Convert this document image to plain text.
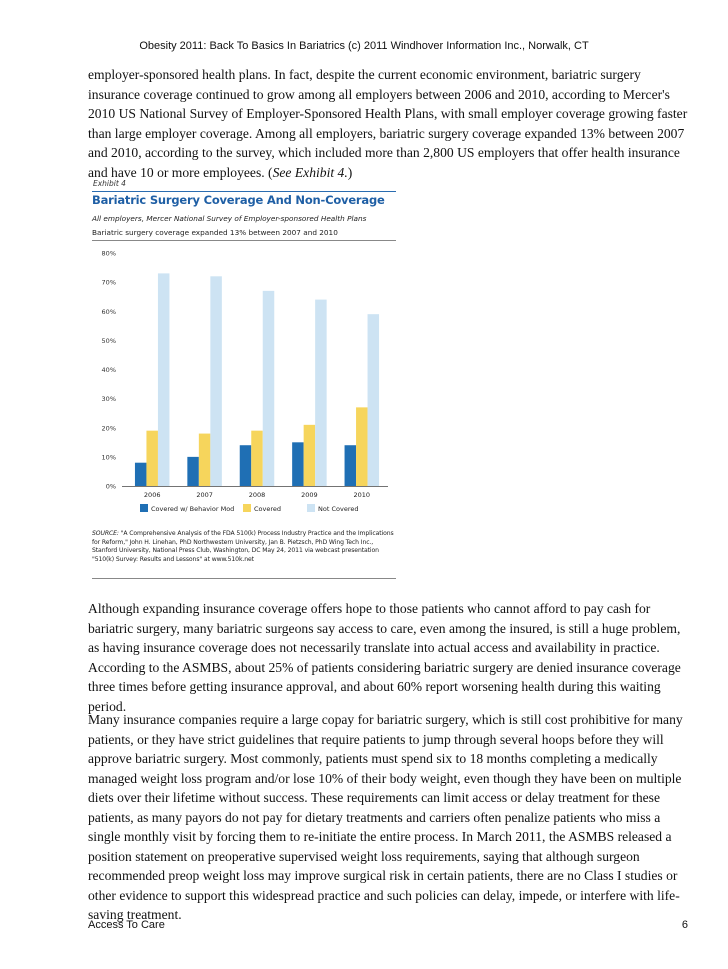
Obesity 2011: Back To Basics In Bariatrics (c) 2011 Windhover Information Inc., Norwalk, CT

employer-sponsored health plans. In fact, despite the current economic environment, bariatric surgery insurance coverage continued to grow among all employers between 2006 and 2010, according to Mercer's 2010 US National Survey of Employer-Sponsored Health Plans, with small employer coverage growing faster than large employer coverage. Among all employers, bariatric surgery coverage expanded 13% between 2007 and 2010, according to the survey, which included more than 2,800 US employers that offer health insurance and have 10 or more employees. (See Exhibit 4.)

Exhibit 4
Bariatric Surgery Coverage And Non-Coverage
All employers, Mercer National Survey of Employer-sponsored Health Plans
Bariatric surgery coverage expanded 13% between 2007 and 2010
0%
10%
20%
30%
40%
50%
60%
70%
80%
2006	2007	2008	2009	2010
Covered w/ Behavior Mod	Covered	Not Covered
SOURCE: "A Comprehensive Analysis of the FDA 510(k) Process Industry Practice and the Implications for Reform," John H. Linehan, PhD Northwestern University, Jan B. Pietzsch, PhD Wing Tech Inc., Stanford University, National Press Club, Washington, DC May 24, 2011 via webcast presentation "510(k) Survey: Results and Lessons" at www.510k.net

Although expanding insurance coverage offers hope to those patients who cannot afford to pay cash for bariatric surgery, many bariatric surgeons say access to care, even among the insured, is still a huge problem, as having insurance coverage does not necessarily translate into actual access and availability in practice. According to the ASMBS, about 25% of patients considering bariatric surgery are denied insurance coverage three times before getting insurance approval, and about 60% report worsening health during this waiting period.

Many insurance companies require a large copay for bariatric surgery, which is still cost prohibitive for many patients, or they have strict guidelines that require patients to jump through several hoops before they will approve bariatric surgery. Most commonly, patients must spend six to 18 months completing a medically managed weight loss program and/or lose 10% of their body weight, even though they have been on multiple diets over their lifetime without success. These requirements can limit access or delay treatment for these patients, as many payors do not pay for dietary treatments and carriers often penalize patients who miss a single monthly visit by forcing them to re-initiate the entire process. In March 2011, the ASMBS released a position statement on preoperative supervised weight loss requirements, saying that although surgeon recommended preop weight loss may improve surgical risk in certain patients, there are no Class I studies or other evidence to support this widespread practice and such policies can delay, impede, or interfere with life-saving treatment.

Access To Care	6
